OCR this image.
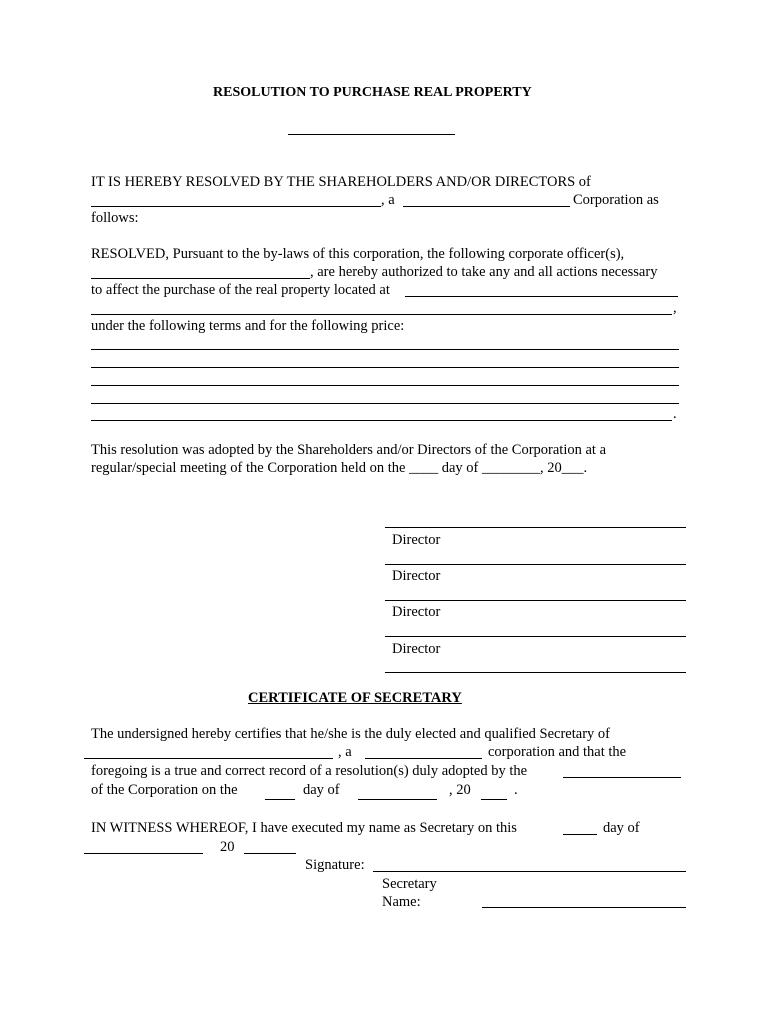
RESOLUTION TO PURCHASE REAL PROPERTY
IT IS HEREBY RESOLVED BY THE SHAREHOLDERS AND/OR DIRECTORS of
, a	Corporation as
follows:
RESOLVED, Pursuant to the by-laws of this corporation, the following corporate officer(s),
, are hereby authorized to take any and all actions necessary
to affect the purchase of the real property located at
,
under the following terms and for the following price:
.
This resolution was adopted by the Shareholders and/or Directors of the Corporation at a
regular/special meeting of the Corporation held on the ____ day of ________, 20___.
Director
Director
Director
Director
CERTIFICATE OF SECRETARY
The undersigned hereby certifies that he/she is the duly elected and qualified Secretary of
, a	corporation and that the
foregoing is a true and correct record of a resolution(s) duly adopted by the
of the Corporation on the	day of	, 20	.
IN WITNESS WHEREOF, I have executed my name as Secretary on this	day of
20
Signature:
Secretary
Name:
